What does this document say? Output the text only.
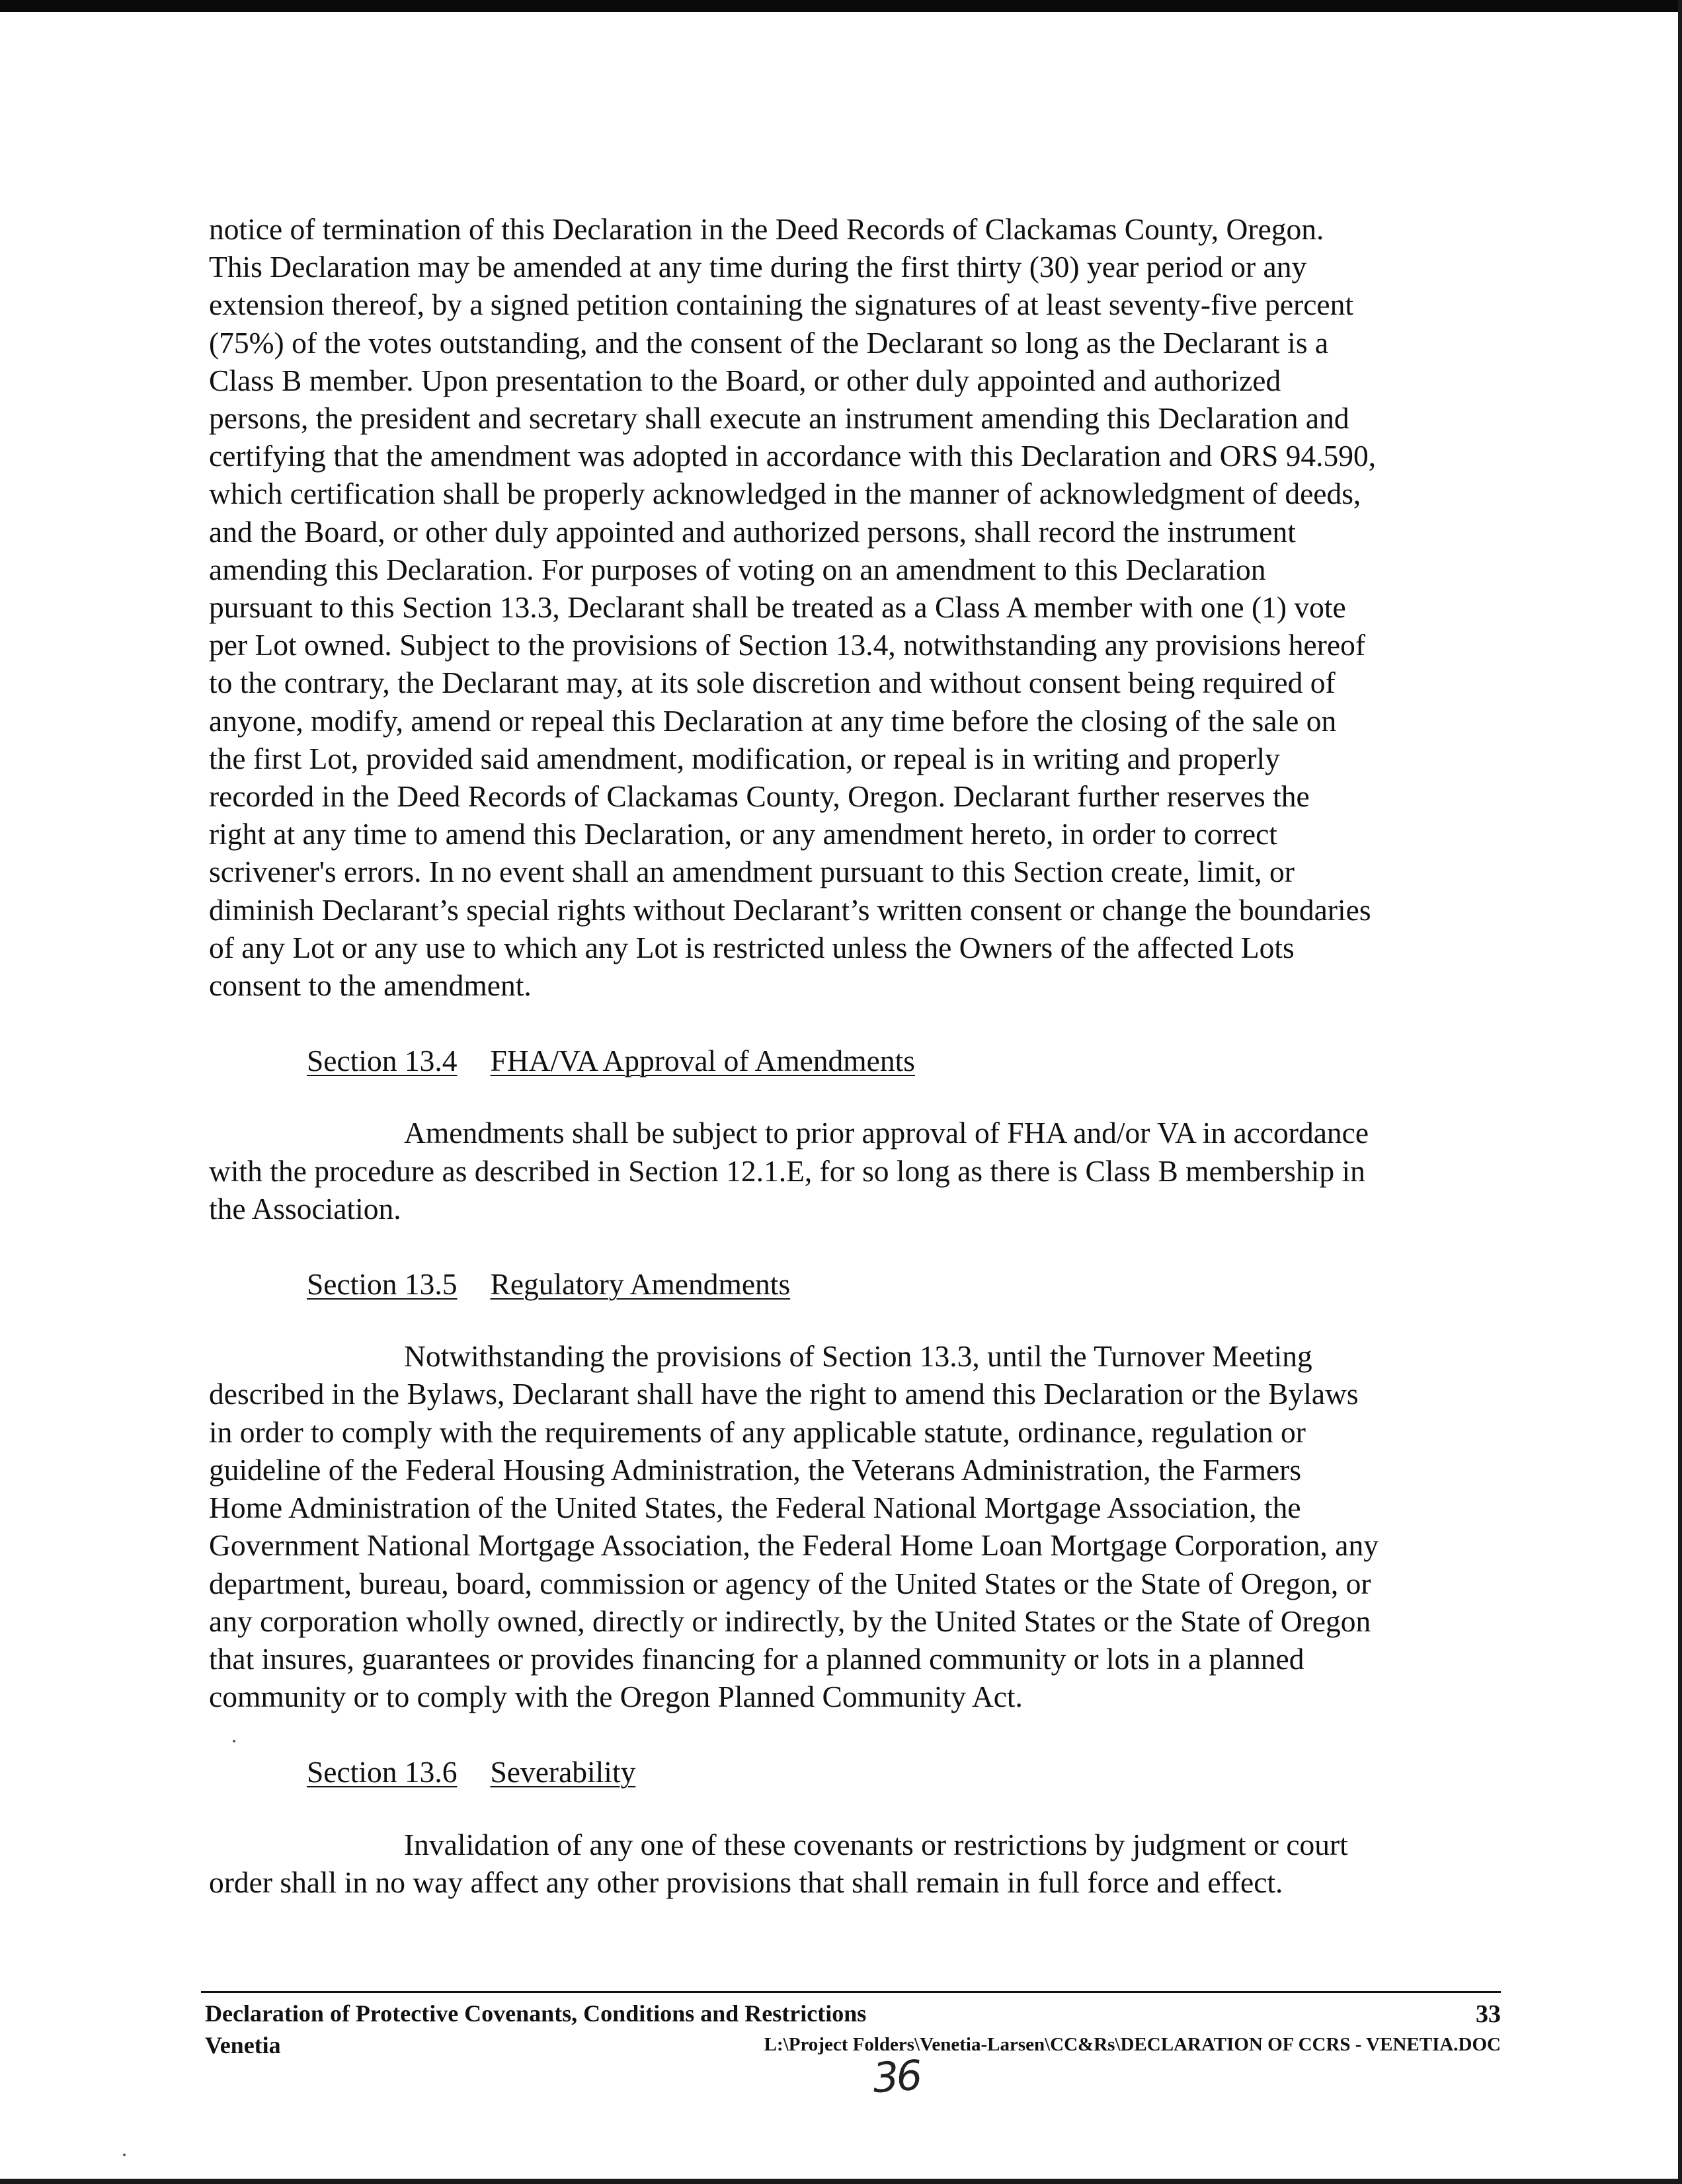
notice of termination of this Declaration in the Deed Records of Clackamas County, Oregon.
This Declaration may be amended at any time during the first thirty (30) year period or any
extension thereof, by a signed petition containing the signatures of at least seventy-five percent
(75%) of the votes outstanding, and the consent of the Declarant so long as the Declarant is a
Class B member. Upon presentation to the Board, or other duly appointed and authorized
persons, the president and secretary shall execute an instrument amending this Declaration and
certifying that the amendment was adopted in accordance with this Declaration and ORS 94.590,
which certification shall be properly acknowledged in the manner of acknowledgment of deeds,
and the Board, or other duly appointed and authorized persons, shall record the instrument
amending this Declaration. For purposes of voting on an amendment to this Declaration
pursuant to this Section 13.3, Declarant shall be treated as a Class A member with one (1) vote
per Lot owned. Subject to the provisions of Section 13.4, notwithstanding any provisions hereof
to the contrary, the Declarant may, at its sole discretion and without consent being required of
anyone, modify, amend or repeal this Declaration at any time before the closing of the sale on
the first Lot, provided said amendment, modification, or repeal is in writing and properly
recorded in the Deed Records of Clackamas County, Oregon. Declarant further reserves the
right at any time to amend this Declaration, or any amendment hereto, in order to correct
scrivener's errors. In no event shall an amendment pursuant to this Section create, limit, or
diminish Declarant’s special rights without Declarant’s written consent or change the boundaries
of any Lot or any use to which any Lot is restricted unless the Owners of the affected Lots
consent to the amendment.
Section 13.4 FHA/VA Approval of Amendments
Amendments shall be subject to prior approval of FHA and/or VA in accordance
with the procedure as described in Section 12.1.E, for so long as there is Class B membership in
the Association.
Section 13.5 Regulatory Amendments
Notwithstanding the provisions of Section 13.3, until the Turnover Meeting
described in the Bylaws, Declarant shall have the right to amend this Declaration or the Bylaws
in order to comply with the requirements of any applicable statute, ordinance, regulation or
guideline of the Federal Housing Administration, the Veterans Administration, the Farmers
Home Administration of the United States, the Federal National Mortgage Association, the
Government National Mortgage Association, the Federal Home Loan Mortgage Corporation, any
department, bureau, board, commission or agency of the United States or the State of Oregon, or
any corporation wholly owned, directly or indirectly, by the United States or the State of Oregon
that insures, guarantees or provides financing for a planned community or lots in a planned
community or to comply with the Oregon Planned Community Act.
Section 13.6 Severability
Invalidation of any one of these covenants or restrictions by judgment or court
order shall in no way affect any other provisions that shall remain in full force and effect.
Declaration of Protective Covenants, Conditions and Restrictions	33
Venetia	L:\Project Folders\Venetia-Larsen\CC&Rs\DECLARATION OF CCRS - VENETIA.DOC
36
